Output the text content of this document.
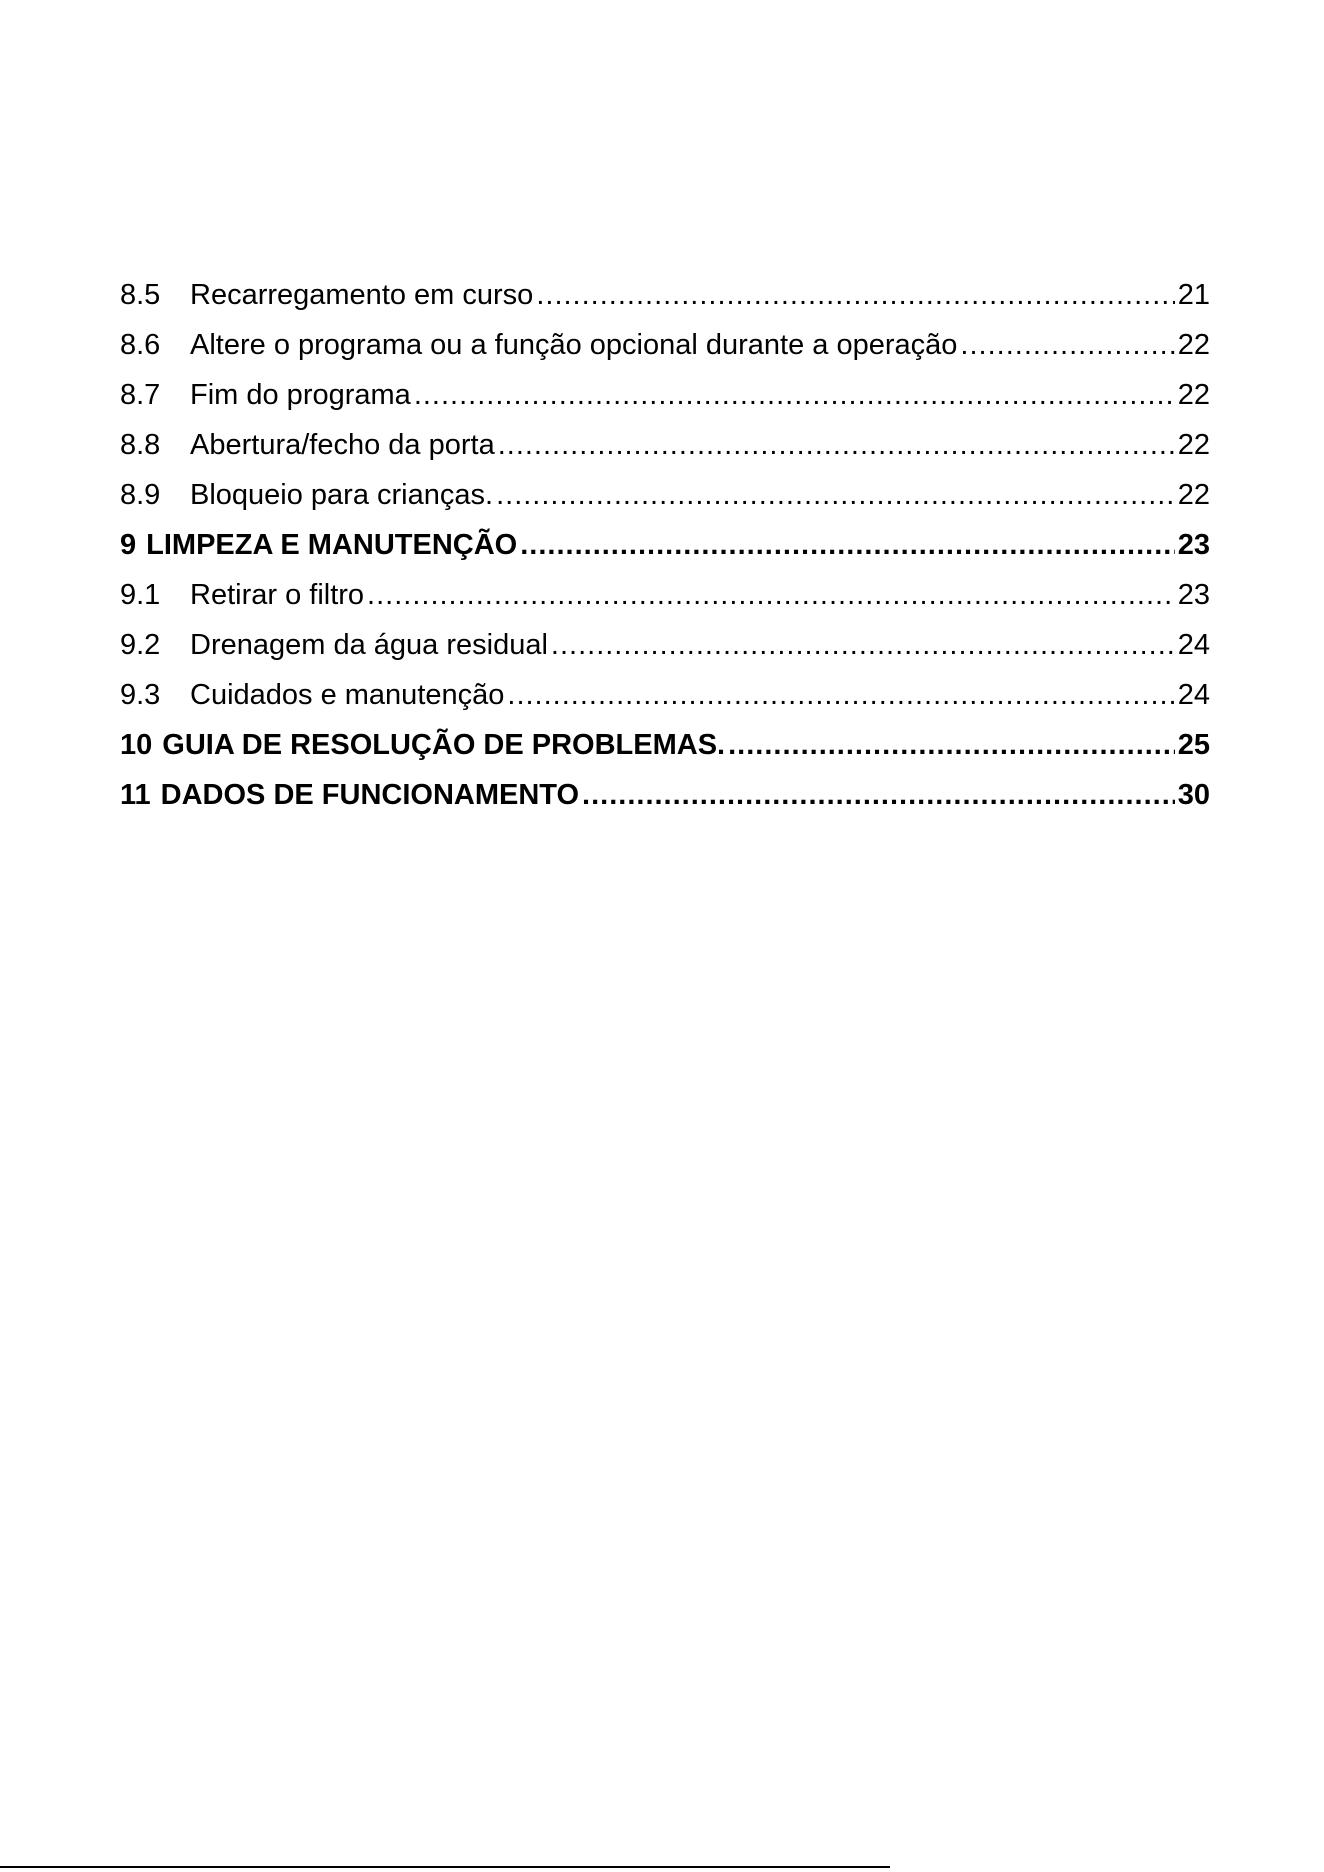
8.5	Recarregamento em curso .....	21
8.6	Altere o programa ou a função opcional durante a operação .....	22
8.7	Fim do programa .....	22
8.8	Abertura/fecho da porta .....	22
8.9	Bloqueio para crianças. .....	22
9 LIMPEZA E MANUTENÇÃO .....	23
9.1	Retirar o filtro .....	23
9.2	Drenagem da água residual .....	24
9.3	Cuidados e manutenção .....	24
10 GUIA DE RESOLUÇÃO DE PROBLEMAS. .....	25
11 DADOS DE FUNCIONAMENTO .....	30
